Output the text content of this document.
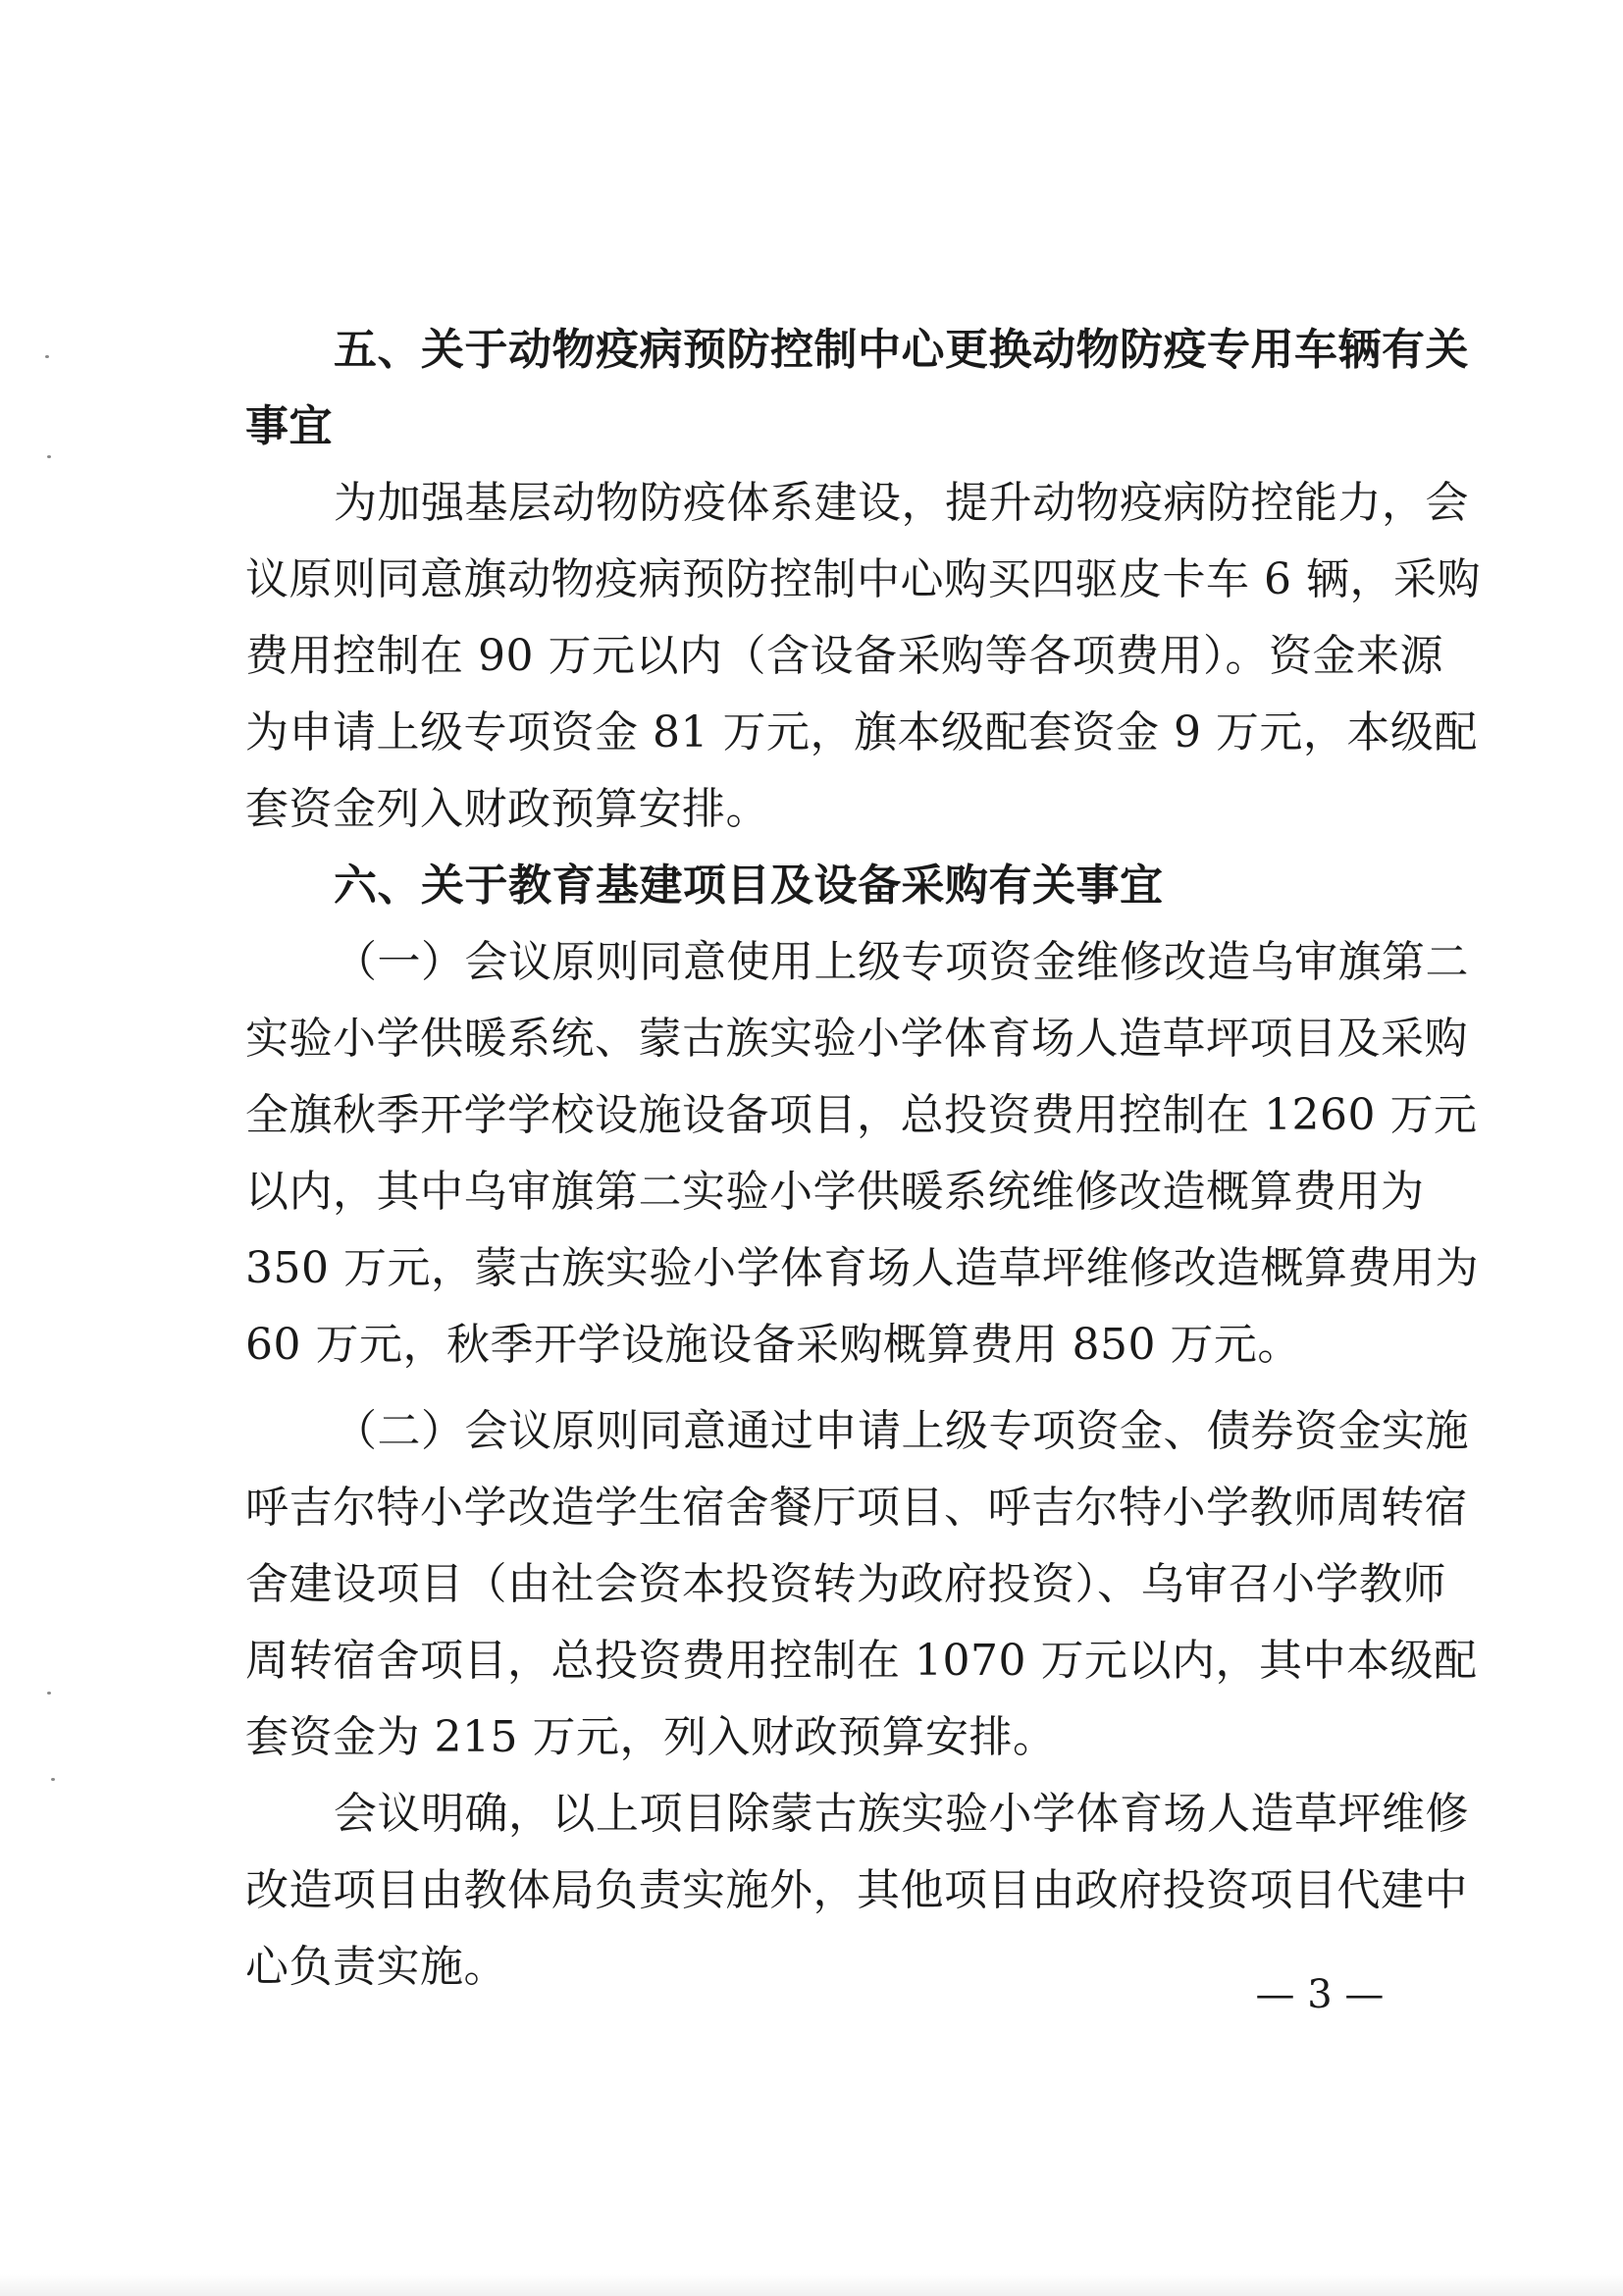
五、关于动物疫病预防控制中心更换动物防疫专用车辆有关
事宜
为加强基层动物防疫体系建设，提升动物疫病防控能力，会
议原则同意旗动物疫病预防控制中心购买四驱皮卡车 6 辆，采购
费用控制在 90 万元以内（含设备采购等各项费用）。资金来源
为申请上级专项资金 81 万元，旗本级配套资金 9 万元，本级配
套资金列入财政预算安排。
六、关于教育基建项目及设备采购有关事宜
（一）会议原则同意使用上级专项资金维修改造乌审旗第二
实验小学供暖系统、蒙古族实验小学体育场人造草坪项目及采购
全旗秋季开学学校设施设备项目，总投资费用控制在 1260 万元
以内，其中乌审旗第二实验小学供暖系统维修改造概算费用为
350 万元，蒙古族实验小学体育场人造草坪维修改造概算费用为
60 万元，秋季开学设施设备采购概算费用 850 万元。
（二）会议原则同意通过申请上级专项资金、债券资金实施
呼吉尔特小学改造学生宿舍餐厅项目、呼吉尔特小学教师周转宿
舍建设项目（由社会资本投资转为政府投资）、乌审召小学教师
周转宿舍项目，总投资费用控制在 1070 万元以内，其中本级配
套资金为 215 万元，列入财政预算安排。
会议明确，以上项目除蒙古族实验小学体育场人造草坪维修
改造项目由教体局负责实施外，其他项目由政府投资项目代建中
心负责实施。
— 3 —
